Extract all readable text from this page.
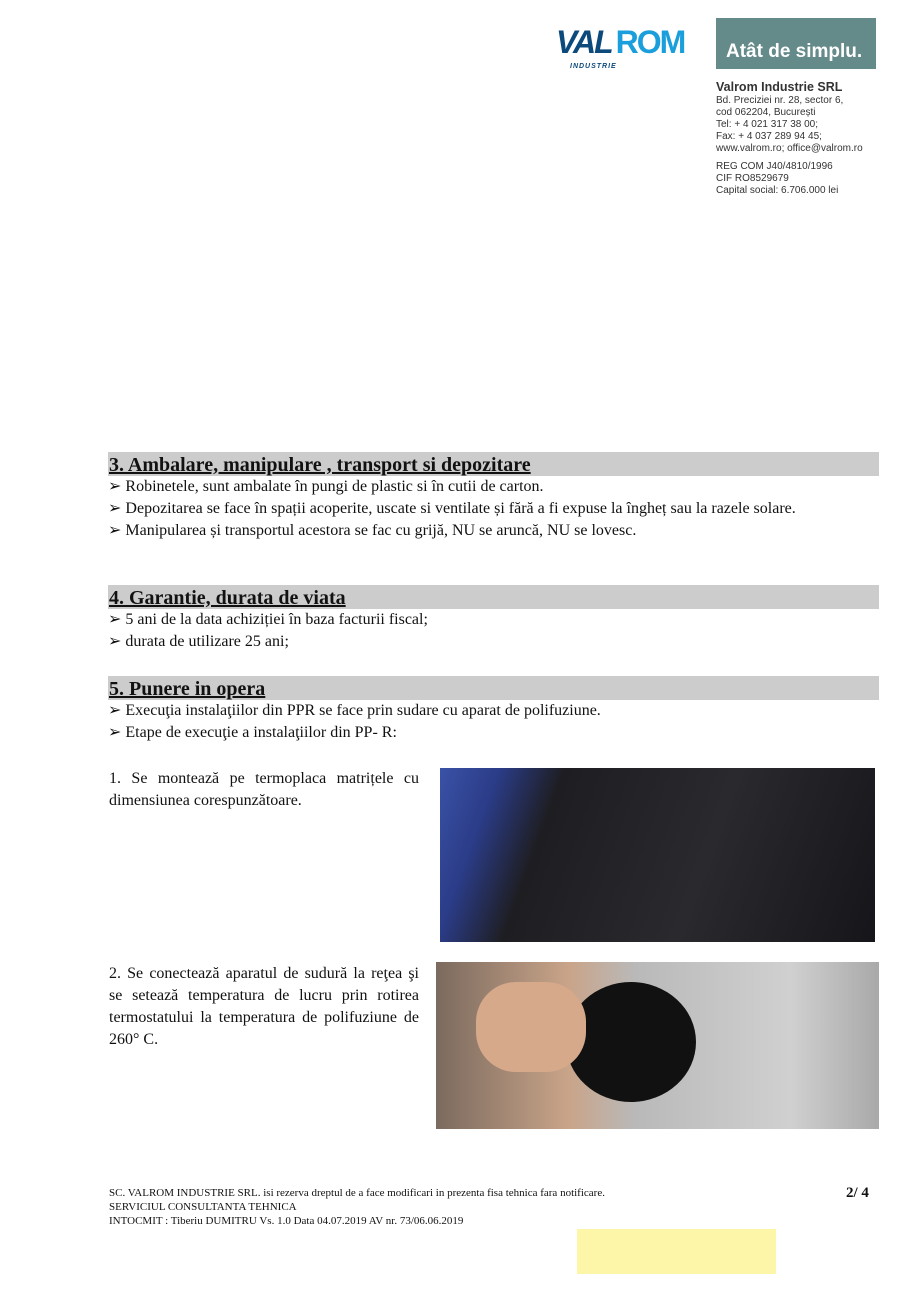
VAL ROM
INDUSTRIE
Atât de simplu.
Valrom Industrie SRL
Bd. Preciziei nr. 28, sector 6,
cod 062204, București
Tel: + 4 021 317 38 00;
Fax: + 4 037 289 94 45;
www.valrom.ro; office@valrom.ro
REG COM J40/4810/1996
CIF RO8529679
Capital social: 6.706.000 lei
3. Ambalare, manipulare , transport si depozitare
➢ Robinetele, sunt ambalate în pungi de plastic si în cutii de carton.
➢ Depozitarea se face în spații acoperite, uscate si ventilate și fără a fi expuse la îngheț sau la razele solare.
➢ Manipularea și transportul acestora se fac cu grijă, NU se aruncă, NU se lovesc.
4. Garantie, durata de viata
➢ 5 ani de la data achiziției în baza facturii fiscal;
➢ durata de utilizare 25 ani;
5. Punere in opera
➢ Execuţia instalaţiilor din PPR se face prin sudare cu aparat de polifuziune.
➢ Etape de execuţie a instalaţiilor din PP- R:
1. Se montează pe termoplaca matrițele cu dimensiunea corespunzătoare.
2. Se conectează aparatul de sudură la reţea şi se setează temperatura de lucru prin rotirea termostatului la temperatura de polifuziune de 260° C.
SC. VALROM INDUSTRIE SRL. isi rezerva dreptul de a face modificari in prezenta fisa tehnica fara notificare.
SERVICIUL CONSULTANTA TEHNICA
INTOCMIT : Tiberiu DUMITRU Vs. 1.0 Data 04.07.2019 AV nr. 73/06.06.2019
2/ 4
